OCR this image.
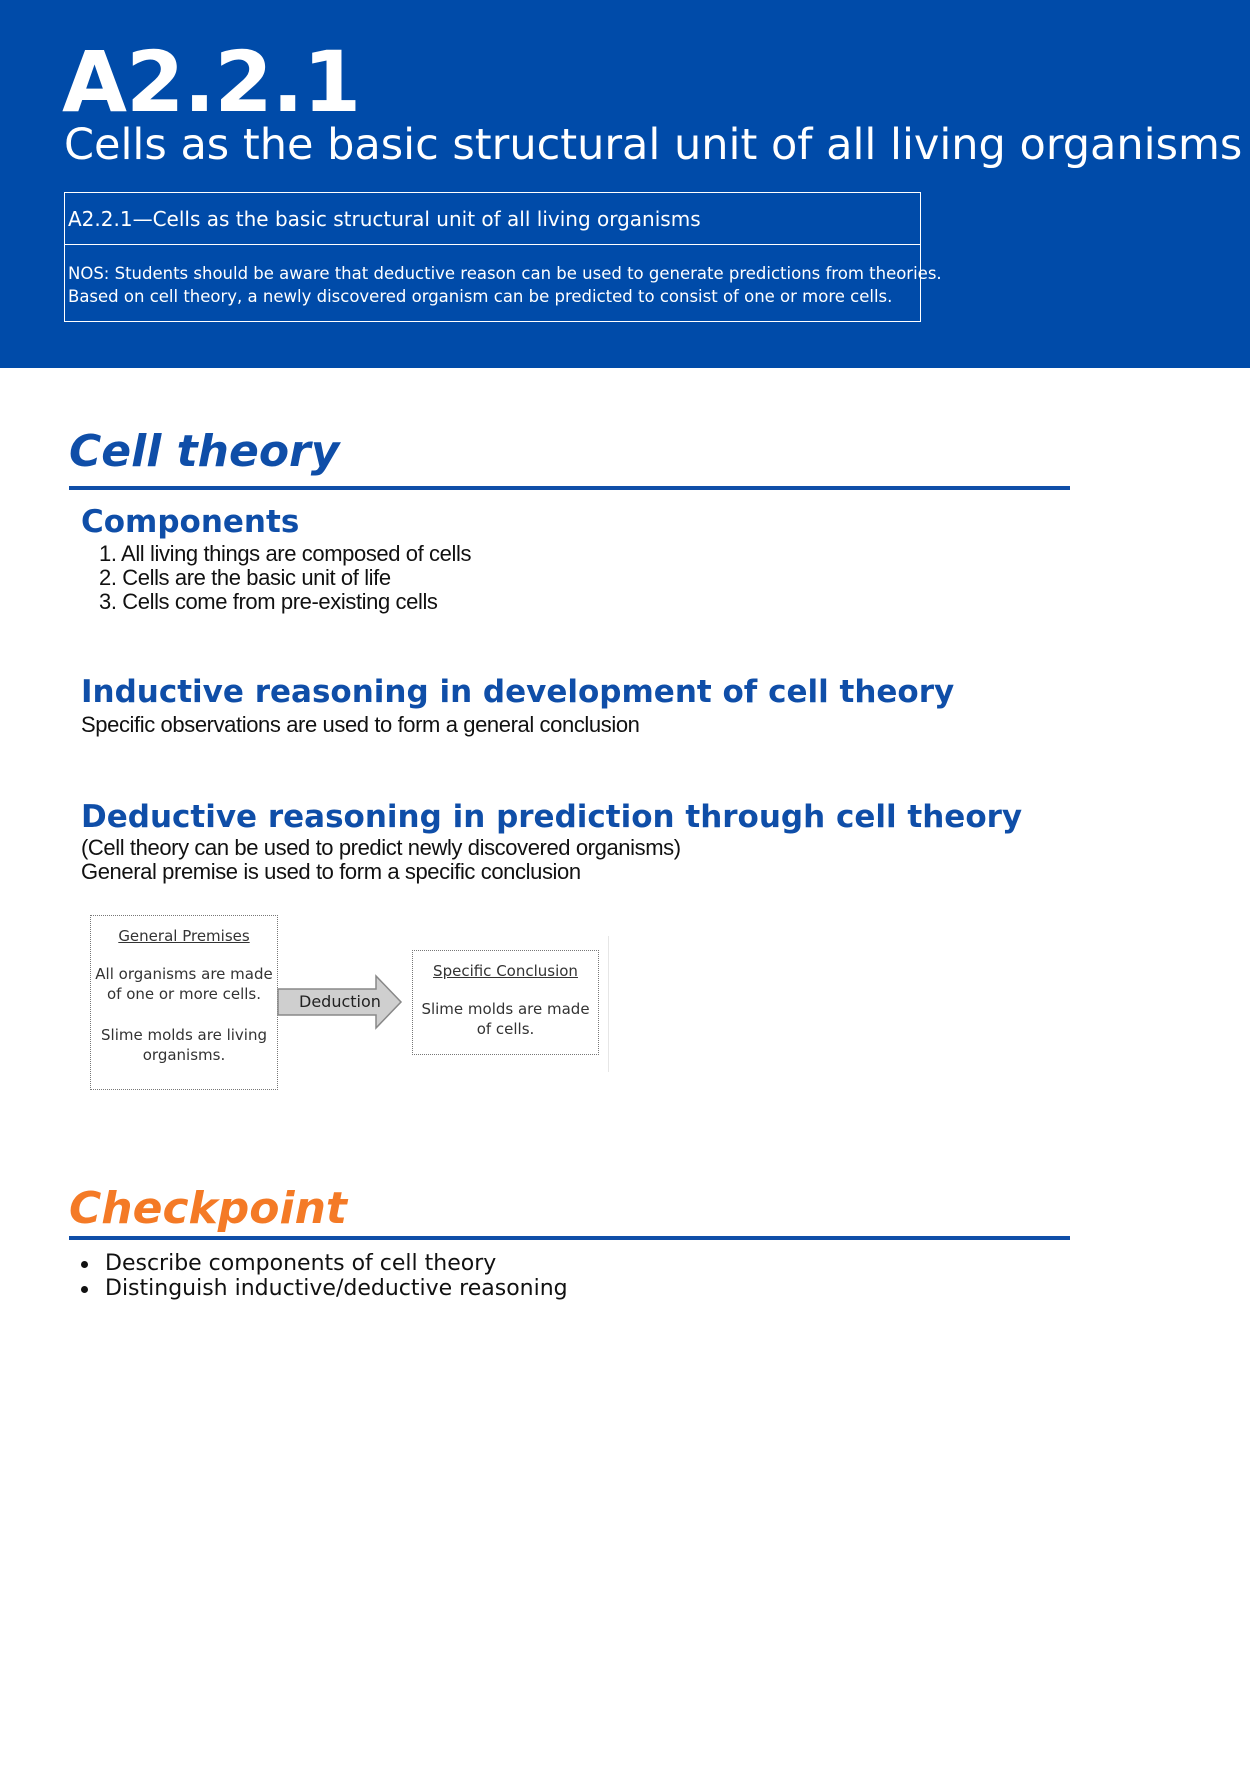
A2.2.1
Cells as the basic structural unit of all living organisms
A2.2.1—Cells as the basic structural unit of all living organisms
NOS: Students should be aware that deductive reason can be used to generate predictions from theories.
Based on cell theory, a newly discovered organism can be predicted to consist of one or more cells.
Cell theory
Components
1. All living things are composed of cells
2. Cells are the basic unit of life
3. Cells come from pre-existing cells
Inductive reasoning in development of cell theory
Specific observations are used to form a general conclusion
Deductive reasoning in prediction through cell theory
(Cell theory can be used to predict newly discovered organisms)
General premise is used to form a specific conclusion
General Premises
All organisms are made
of one or more cells.
Slime molds are living
organisms.
Deduction
Specific Conclusion
Slime molds are made
of cells.
Checkpoint
Describe components of cell theory
Distinguish inductive/deductive reasoning
